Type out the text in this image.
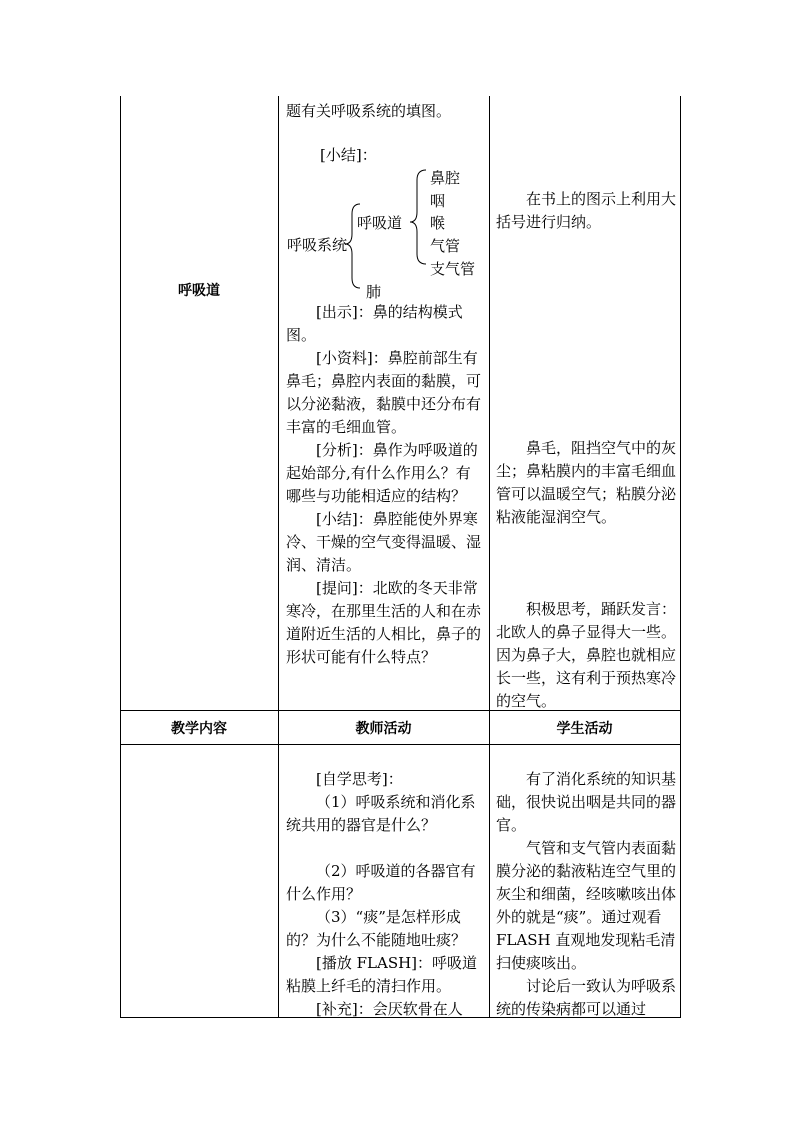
呼吸道

题有关呼吸系统的填图。

[小结]：
呼吸系统
呼吸道
肺
鼻腔
咽
喉
气管
支气管

[出示]：鼻的结构模式图。

[小资料]：鼻腔前部生有鼻毛；鼻腔内表面的黏膜，可以分泌黏液，黏膜中还分布有丰富的毛细血管。

[分析]：鼻作为呼吸道的起始部分,有什么作用么？有哪些与功能相适应的结构？

[小结]：鼻腔能使外界寒冷、干燥的空气变得温暖、湿润、清洁。

[提问]：北欧的冬天非常寒冷，在那里生活的人和在赤道附近生活的人相比，鼻子的形状可能有什么特点？

在书上的图示上利用大括号进行归纳。

鼻毛，阻挡空气中的灰尘；鼻粘膜内的丰富毛细血管可以温暖空气；粘膜分泌粘液能湿润空气。

积极思考，踊跃发言：北欧人的鼻子显得大一些。因为鼻子大，鼻腔也就相应长一些，这有利于预热寒冷的空气。

教学内容	教师活动	学生活动

[自学思考]：

（1）呼吸系统和消化系统共用的器官是什么？

（2）呼吸道的各器官有什么作用？

（3）“痰”是怎样形成的？为什么不能随地吐痰？

[播放 FLASH]：呼吸道粘膜上纤毛的清扫作用。

[补充]：会厌软骨在人

有了消化系统的知识基础，很快说出咽是共同的器官。

气管和支气管内表面黏膜分泌的黏液粘连空气里的灰尘和细菌，经咳嗽咳出体外的就是“痰”。通过观看 FLASH 直观地发现粘毛清扫使痰咳出。

讨论后一致认为呼吸系统的传染病都可以通过
